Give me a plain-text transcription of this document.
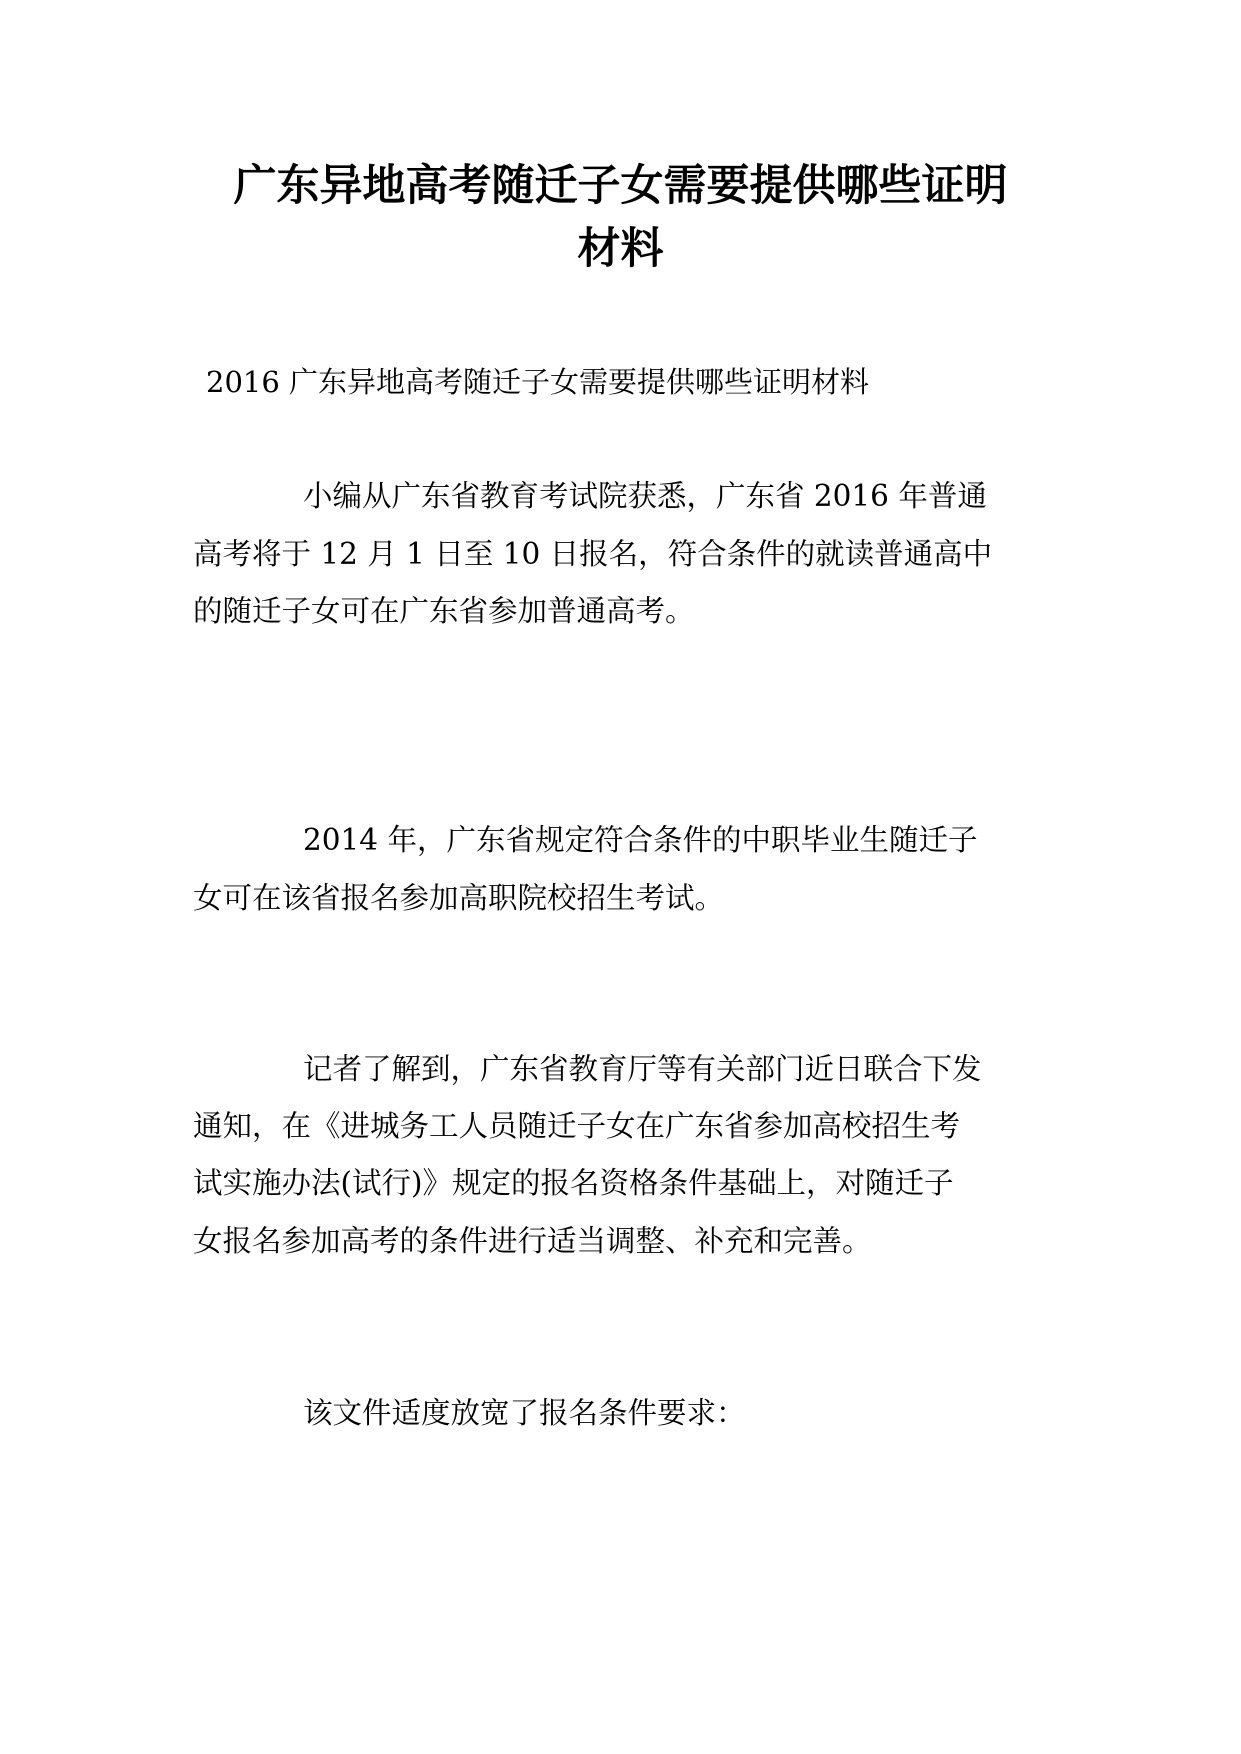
广东异地高考随迁子女需要提供哪些证明
材料
2016 广东异地高考随迁子女需要提供哪些证明材料
小编从广东省教育考试院获悉，广东省 2016 年普通
高考将于 12 月 1 日至 10 日报名，符合条件的就读普通高中
的随迁子女可在广东省参加普通高考。
2014 年，广东省规定符合条件的中职毕业生随迁子
女可在该省报名参加高职院校招生考试。
记者了解到，广东省教育厅等有关部门近日联合下发
通知，在《进城务工人员随迁子女在广东省参加高校招生考
试实施办法(试行)》规定的报名资格条件基础上，对随迁子
女报名参加高考的条件进行适当调整、补充和完善。
该文件适度放宽了报名条件要求：
